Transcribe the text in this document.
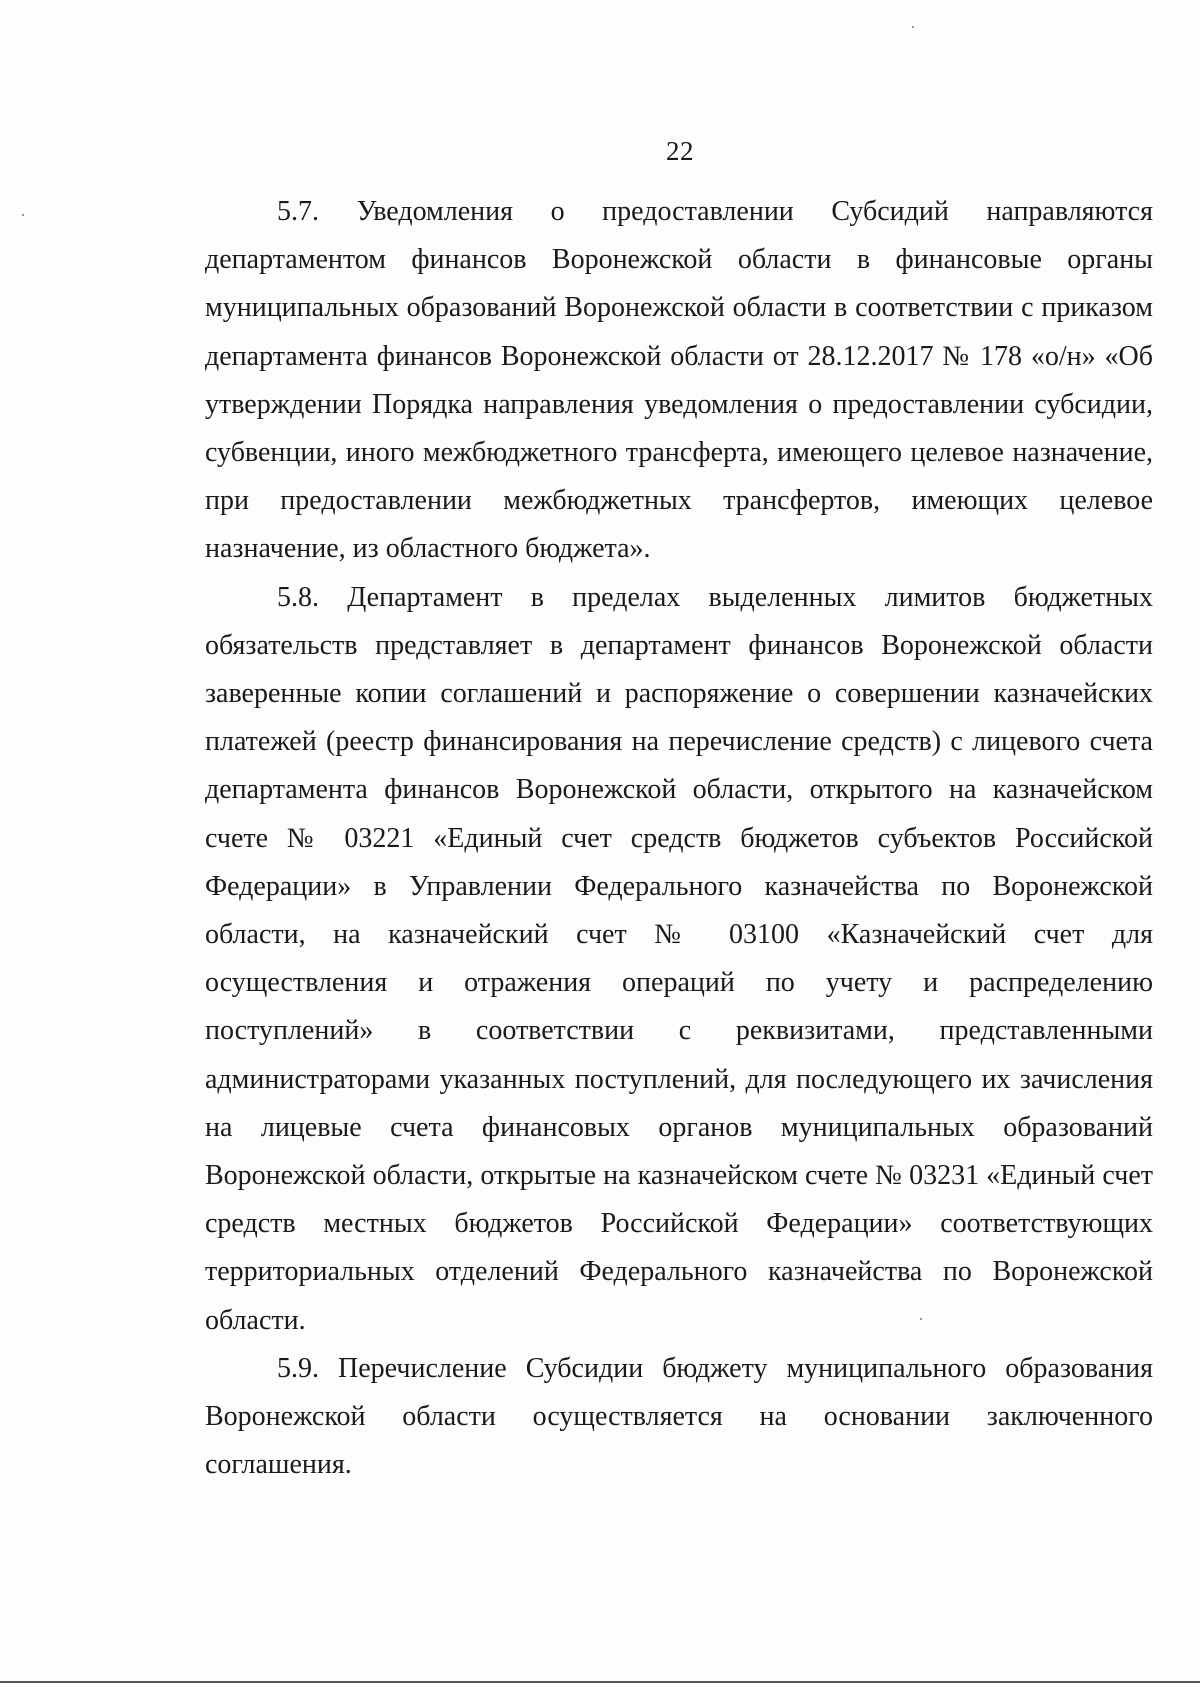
22

5.7. Уведомления о предоставлении Субсидий направляются департаментом финансов Воронежской области в финансовые органы муниципальных образований Воронежской области в соответствии с приказом департамента финансов Воронежской области от 28.12.2017 № 178 «о/н» «Об утверждении Порядка направления уведомления о предоставлении субсидии, субвенции, иного межбюджетного трансферта, имеющего целевое назначение, при предоставлении межбюджетных трансфертов, имеющих целевое назначение, из областного бюджета».

5.8. Департамент в пределах выделенных лимитов бюджетных обязательств представляет в департамент финансов Воронежской области заверенные копии соглашений и распоряжение о совершении казначейских платежей (реестр финансирования на перечисление средств) с лицевого счета департамента финансов Воронежской области, открытого на казначейском счете № 03221 «Единый счет средств бюджетов субъектов Российской Федерации» в Управлении Федерального казначейства по Воронежской области, на казначейский счет № 03100 «Казначейский счет для осуществления и отражения операций по учету и распределению поступлений» в соответствии с реквизитами, представленными администраторами указанных поступлений, для последующего их зачисления на лицевые счета финансовых органов муниципальных образований Воронежской области, открытые на казначейском счете № 03231 «Единый счет средств местных бюджетов Российской Федерации» соответствующих территориальных отделений Федерального казначейства по Воронежской области.

5.9. Перечисление Субсидии бюджету муниципального образования Воронежской области осуществляется на основании заключенного соглашения.
